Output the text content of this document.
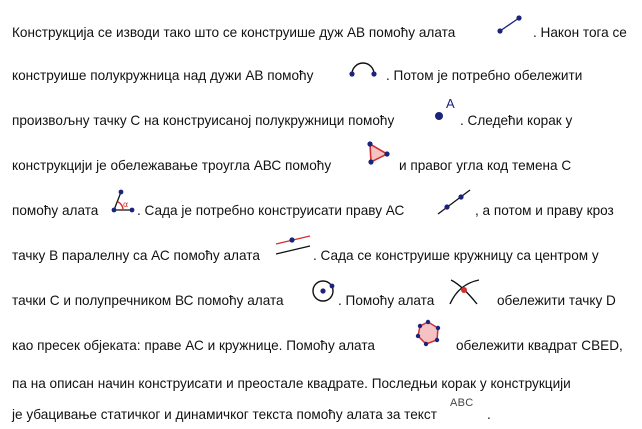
Конструкција се изводи тако што се конструише дуж АВ помоћу алата	. Након тога се
конструише полукружница над дужи АВ помоћу	. Потом је потребно обележити
произвољну тачку С на конструисаној полукружници помоћу
A
. Следећи корак у
конструкцији је обележавање троугла АВС помоћу	и правог угла код темена С
помоћу алата	α . Сада је потребно конструисати праву АС	, а потом и праву кроз
тачку В паралелну са АС помоћу алата	. Сада се конструише кружницу са центром у
тачки С и полупречником ВС помоћу алата	. Помоћу алата	обележити тачку D
као пресек објеката: праве АС и кружнице. Помоћу алата	обележити квадрат CBED,
па на описан начин конструисати и преостале квадрате. Последњи корак у конструкцији
је убацивање статичког и динамичког текста помоћу алата за текст
ABC
.
